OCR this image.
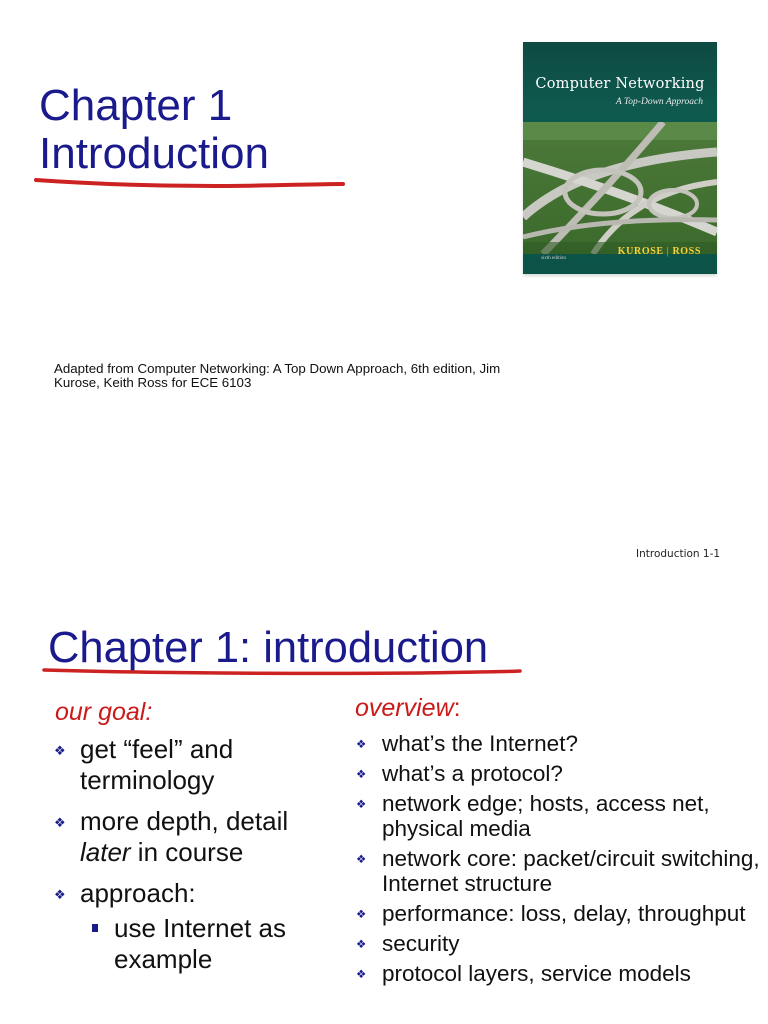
Chapter 1
Introduction
Computer Networking
A Top-Down Approach
sixth edition
KUROSE | ROSS
Adapted from Computer Networking: A Top Down Approach, 6th edition, Jim Kurose, Keith Ross for ECE 6103
Introduction 1-1
Chapter 1: introduction
our goal:
❖ get “feel” and terminology
❖ more depth, detail later in course
❖ approach:
use Internet as example
overview:
❖ what’s the Internet?
❖ what’s a protocol?
❖ network edge; hosts, access net, physical media
❖ network core: packet/circuit switching, Internet structure
❖ performance: loss, delay, throughput
❖ security
❖ protocol layers, service models
